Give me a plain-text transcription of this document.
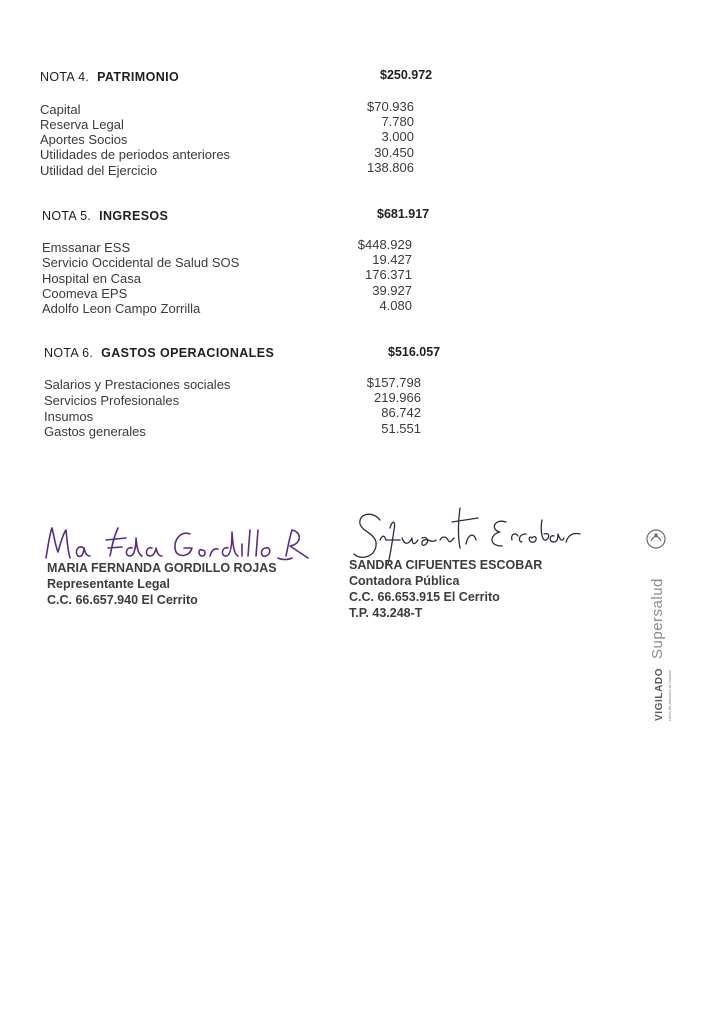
NOTA 4. PATRIMONIO	$250.972
Capital	$70.936
Reserva Legal	7.780
Aportes Socios	3.000
Utilidades de periodos anteriores	30.450
Utilidad del Ejercicio	138.806
NOTA 5. INGRESOS	$681.917
Emssanar ESS	$448.929
Servicio Occidental de Salud SOS	19.427
Hospital en Casa	176.371
Coomeva EPS	39.927
Adolfo Leon Campo Zorrilla	4.080
NOTA 6. GASTOS OPERACIONALES	$516.057
Salarios y Prestaciones sociales	$157.798
Servicios Profesionales	219.966
Insumos	86.742
Gastos generales	51.551
MARIA FERNANDA GORDILLO ROJAS
Representante Legal
C.C. 66.657.940 El Cerrito
SANDRA CIFUENTES ESCOBAR
Contadora Pública
C.C. 66.653.915 El Cerrito
T.P. 43.248-T
VIGILADO
Supersalud
Linea de Atencion al Usuario
